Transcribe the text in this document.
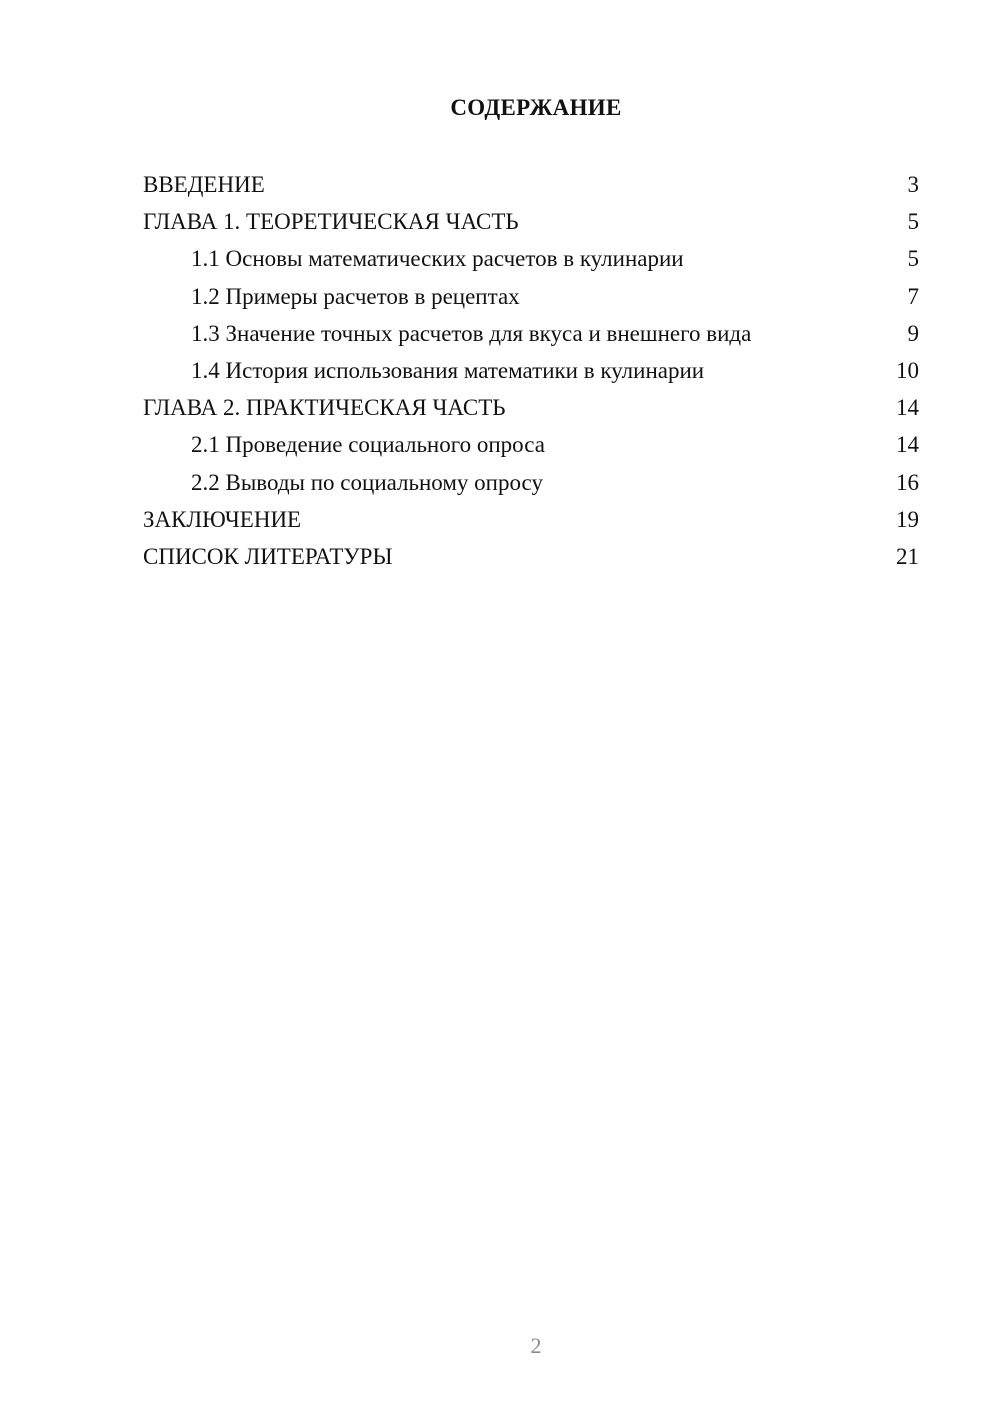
СОДЕРЖАНИЕ
ВВЕДЕНИЕ	3
ГЛАВА 1. ТЕОРЕТИЧЕСКАЯ ЧАСТЬ	5
1.1 Основы математических расчетов в кулинарии	5
1.2 Примеры расчетов в рецептах	7
1.3 Значение точных расчетов для вкуса и внешнего вида	9
1.4 История использования математики в кулинарии	10
ГЛАВА 2. ПРАКТИЧЕСКАЯ ЧАСТЬ	14
2.1 Проведение социального опроса	14
2.2 Выводы по социальному опросу	16
ЗАКЛЮЧЕНИЕ	19
СПИСОК ЛИТЕРАТУРЫ	21
2
